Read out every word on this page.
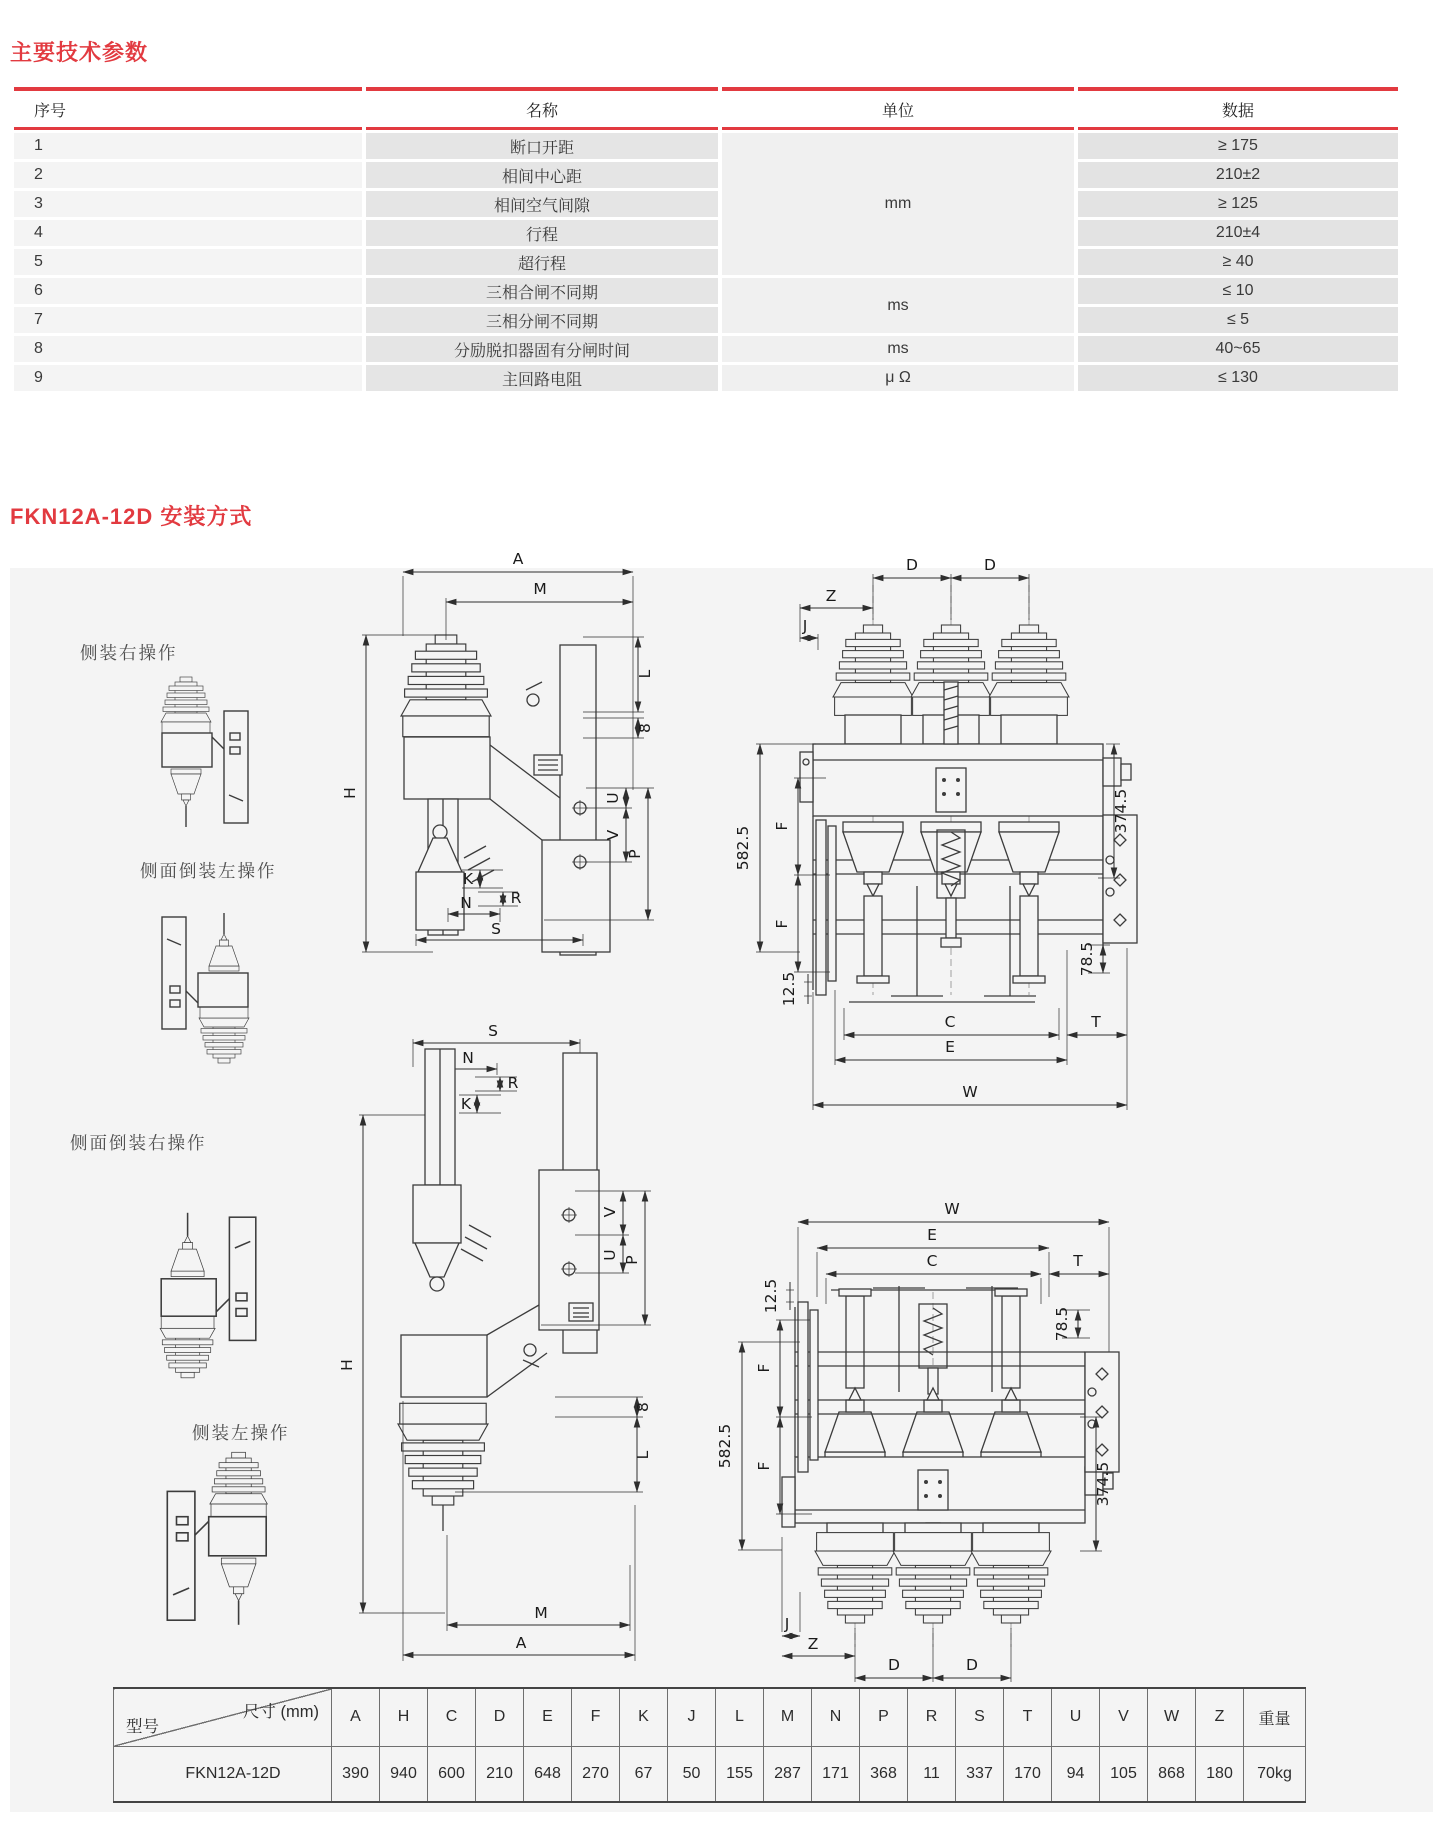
主要技术参数
FKN12A-12D 安装方式
序号	名称	单位	数据
1	断口开距	mm	≥ 175
2	相间中心距		210±2
3	相间空气间隙		≥ 125
4	行程		210±4
5	超行程		≥ 40
6	三相合闸不同期	ms	≤ 10
7	三相分闸不同期		≤ 5
8	分励脱扣器固有分闸时间	ms	40~65
9	主回路电阻	μ Ω	≤ 130
侧装右操作
侧面倒装左操作
侧面倒装右操作
侧装左操作
A
M
H
L
8
U
V
P
K
R
N
S
D	D
Z
J
582.5 F
F
12.5
C
E
W
T
78.5
374.5
S
N
R
K
V
U P
8
L
H
M
A
W
E
C	T
12.5
78.5
582.5
F
F	374.5
J
Z
D	D
尺寸 (mm)
型号	A	H	C	D	E	F	K	J	L	M	N	P	R	S	T	U	V	W	Z	重量
FKN12A-12D	390	940	600	210	648	270	67	50	155	287	171	368	11	337	170	94	105	868	180	70kg
